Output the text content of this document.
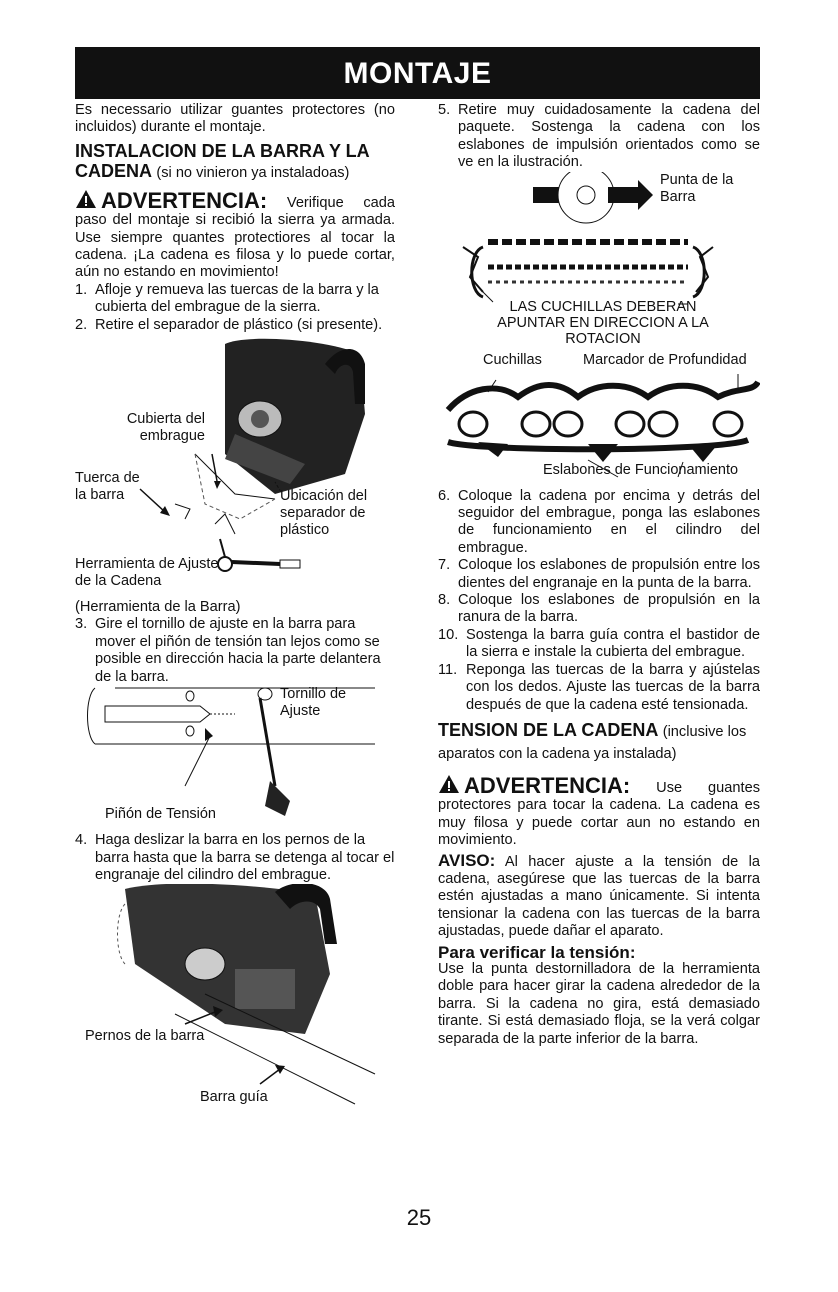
MONTAJE

Es necessario utilizar guantes protectores (no incluidos) durante el montaje.

INSTALACION DE LA BARRA Y LA CADENA (si no vinieron ya instaladoas)

ADVERTENCIA: Verifique cada paso del montaje si recibió la sierra ya armada. Use siempre quantes protectiores al tocar la cadena. ¡La cadena es filosa y lo puede cortar, aún no estando en movimiento!

1. Afloje y remueva las tuercas de la barra y la cubierta del embrague de la sierra.
2. Retire el separador de plástico (si presente).
Cubierta del embrague
Tuerca de la barra	Ubicación del separador de plástico
Herramienta de Ajuste de la Cadena

(Herramienta de la Barra)

3. Gire el tornillo de ajuste en la barra para mover el piñón de tensión tan lejos como se posible en dirección hacia la parte delantera de la barra.
Tornillo de Ajuste
Piñón de Tensión
4. Haga deslizar la barra en los pernos de la barra hasta que la barra se detenga al tocar el engranaje del cilindro del embrague.
Pernos de la barra
Barra guía
5. Retire muy cuidadosamente la cadena del paquete. Sostenga la cadena con los eslabones de impulsión orientados como se ve en la ilustración.
Punta de la Barra
LAS CUCHILLAS DEBERAN APUNTAR EN DIRECCION A LA ROTACION
Cuchillas	Marcador de Profundidad
Eslabones de Funcionamiento
6. Coloque la cadena por encima y detrás del seguidor del embrague, ponga las eslabones de funcionamiento en el cilindro del embrague.
7. Coloque los eslabones de propulsión entre los dientes del engranaje en la punta de la barra.
8. Coloque los eslabones de propulsión en la ranura de la barra.
10. Sostenga la barra guía contra el bastidor de la sierra e instale la cubierta del embrague.
11. Reponga las tuercas de la barra y ajústelas con los dedos. Ajuste las tuercas de la barra después de que la cadena esté tensionada.
TENSION DE LA CADENA (inclusive los aparatos con la cadena ya instalada)

ADVERTENCIA: Use guantes protectores para tocar la cadena. La cadena es muy filosa y puede cortar aun no estando en movimiento.

AVISO: Al hacer ajuste a la tensión de la cadena, asegúrese que las tuercas de la barra estén ajustadas a mano únicamente. Si intenta tensionar la cadena con las tuercas de la barra ajustadas, puede dañar el aparato.

Para verificar la tensión:

Use la punta destornilladora de la herramienta doble para hacer girar la cadena alrededor de la barra. Si la cadena no gira, está demasiado tirante. Si está demasiado floja, se la verá colgar separada de la parte inferior de la barra.

25
